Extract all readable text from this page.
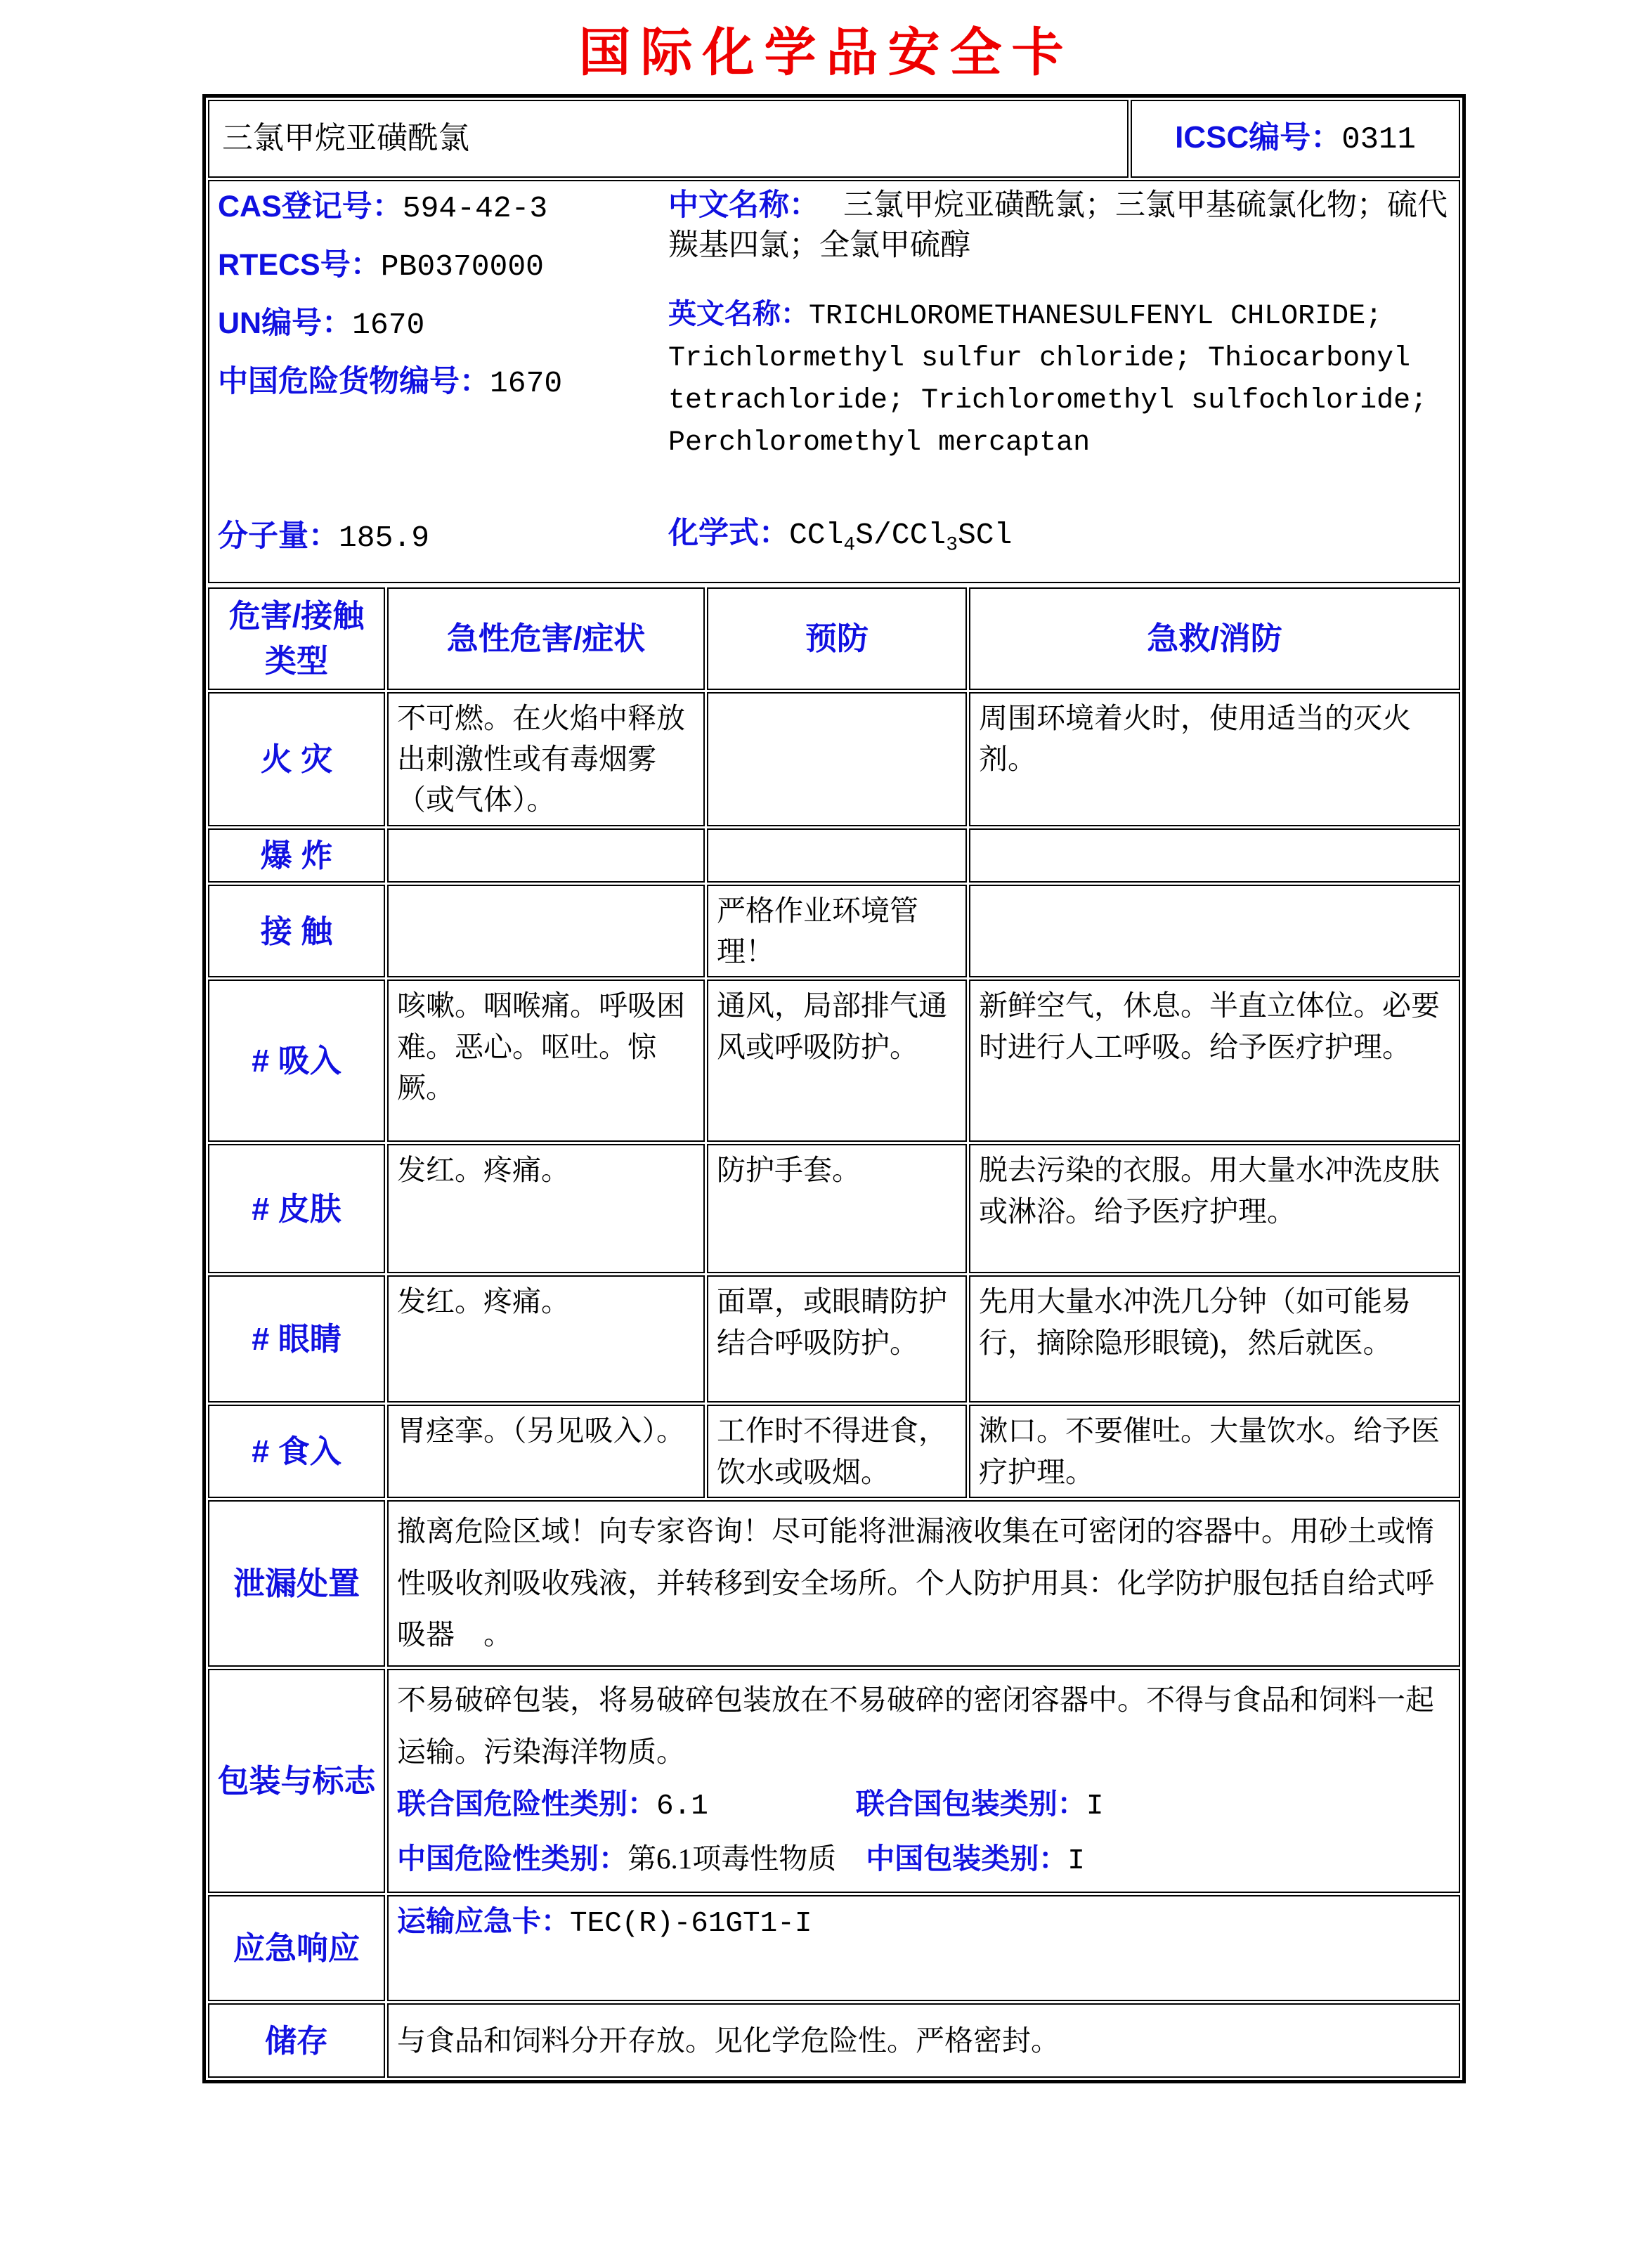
国际化学品安全卡
三氯甲烷亚磺酰氯	ICSC编号：0311

CAS登记号：594-42-3
RTECS号：PB0370000
UN编号：1670
中国危险货物编号：1670
分子量：185.9

中文名称： 三氯甲烷亚磺酰氯；三氯甲基硫氯化物；硫代羰基四氯；全氯甲硫醇

英文名称：TRICHLOROMETHANESULFENYL CHLORIDE; Trichlormethyl sulfur chloride; Thiocarbonyl tetrachloride; Trichloromethyl sulfochloride; Perchloromethyl mercaptan

化学式：CCl$_4$S/CCl$_3$SCl
危害/接触类型	急性危害/症状	预防	急救/消防
火 灾	不可燃。在火焰中释放出刺激性或有毒烟雾（或气体）。		周围环境着火时，使用适当的灭火剂。
爆 炸			
接 触		严格作业环境管理！	
# 吸入	咳嗽。咽喉痛。呼吸困难。恶心。呕吐。惊厥。	通风，局部排气通风或呼吸防护。	新鲜空气，休息。半直立体位。必要时进行人工呼吸。给予医疗护理。
# 皮肤	发红。疼痛。	防护手套。	脱去污染的衣服。用大量水冲洗皮肤或淋浴。给予医疗护理。
# 眼睛	发红。疼痛。	面罩，或眼睛防护结合呼吸防护。	先用大量水冲洗几分钟（如可能易行，摘除隐形眼镜)，然后就医。
# 食入	胃痉挛。（另见吸入）。	工作时不得进食，饮水或吸烟。	漱口。不要催吐。大量饮水。给予医疗护理。
泄漏处置	撤离危险区域！向专家咨询！尽可能将泄漏液收集在可密闭的容器中。用砂土或惰性吸收剂吸收残液，并转移到安全场所。个人防护用具：化学防护服包括自给式呼吸器　。		
包装与标志	不易破碎包装，将易破碎包装放在不易破碎的密闭容器中。不得与食品和饲料一起运输。污染海洋物质。

联合国危险性类别：6.1 联合国包装类别：I

中国危险性类别：第6.1项毒性物质 中国包装类别：I		

应急响应	运输应急卡：TEC(R)-61GT1-I		
储存	与食品和饲料分开存放。见化学危险性。严格密封。		
